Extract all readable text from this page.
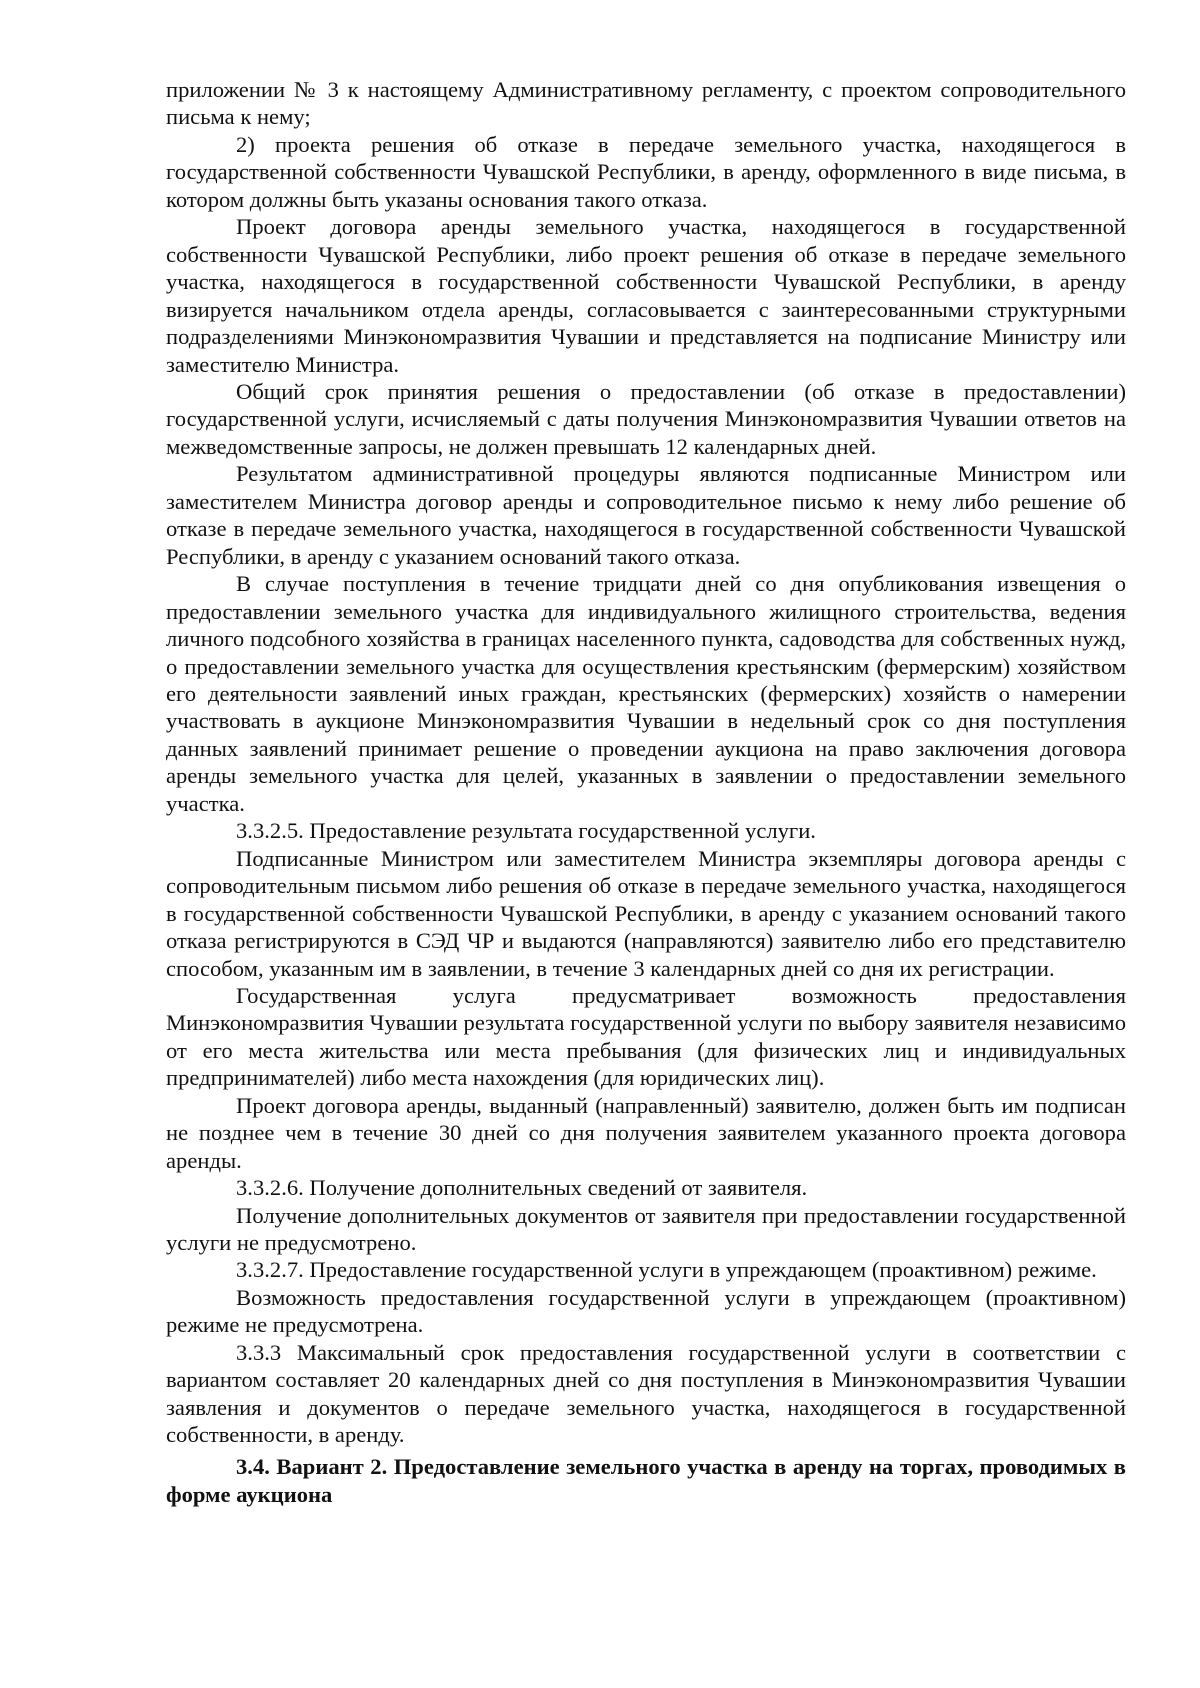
приложении № 3 к настоящему Административному регламенту, с проектом сопроводительного письма к нему;

2) проекта решения об отказе в передаче земельного участка, находящегося в государственной собственности Чувашской Республики, в аренду, оформленного в виде письма, в котором должны быть указаны основания такого отказа.

Проект договора аренды земельного участка, находящегося в государственной собственности Чувашской Республики, либо проект решения об отказе в передаче земельного участка, находящегося в государственной собственности Чувашской Республики, в аренду визируется начальником отдела аренды, согласовывается с заинтересованными структурными подразделениями Минэкономразвития Чувашии и представляется на подписание Министру или заместителю Министра.

Общий срок принятия решения о предоставлении (об отказе в предоставлении) государственной услуги, исчисляемый с даты получения Минэкономразвития Чувашии ответов на межведомственные запросы, не должен превышать 12 календарных дней.

Результатом административной процедуры являются подписанные Министром или заместителем Министра договор аренды и сопроводительное письмо к нему либо решение об отказе в передаче земельного участка, находящегося в государственной собственности Чувашской Республики, в аренду с указанием оснований такого отказа.

В случае поступления в течение тридцати дней со дня опубликования извещения о предоставлении земельного участка для индивидуального жилищного строительства, ведения личного подсобного хозяйства в границах населенного пункта, садоводства для собственных нужд, о предоставлении земельного участка для осуществления крестьянским (фермерским) хозяйством его деятельности заявлений иных граждан, крестьянских (фермерских) хозяйств о намерении участвовать в аукционе Минэкономразвития Чувашии в недельный срок со дня поступления данных заявлений принимает решение о проведении аукциона на право заключения договора аренды земельного участка для целей, указанных в заявлении о предоставлении земельного участка.

3.3.2.5. Предоставление результата государственной услуги.

Подписанные Министром или заместителем Министра экземпляры договора аренды с сопроводительным письмом либо решения об отказе в передаче земельного участка, находящегося в государственной собственности Чувашской Республики, в аренду с указанием оснований такого отказа регистрируются в СЭД ЧР и выдаются (направляются) заявителю либо его представителю способом, указанным им в заявлении, в течение 3 календарных дней со дня их регистрации.

Государственная услуга предусматривает возможность предоставления Минэкономразвития Чувашии результата государственной услуги по выбору заявителя независимо от его места жительства или места пребывания (для физических лиц и индивидуальных предпринимателей) либо места нахождения (для юридических лиц).

Проект договора аренды, выданный (направленный) заявителю, должен быть им подписан не позднее чем в течение 30 дней со дня получения заявителем указанного проекта договора аренды.

3.3.2.6. Получение дополнительных сведений от заявителя.

Получение дополнительных документов от заявителя при предоставлении государственной услуги не предусмотрено.

3.3.2.7. Предоставление государственной услуги в упреждающем (проактивном) режиме.

Возможность предоставления государственной услуги в упреждающем (проактивном) режиме не предусмотрена.

3.3.3 Максимальный срок предоставления государственной услуги в соответствии с вариантом составляет 20 календарных дней со дня поступления в Минэкономразвития Чувашии заявления и документов о передаче земельного участка, находящегося в государственной собственности, в аренду.

3.4. Вариант 2. Предоставление земельного участка в аренду на торгах, проводимых в форме аукциона
